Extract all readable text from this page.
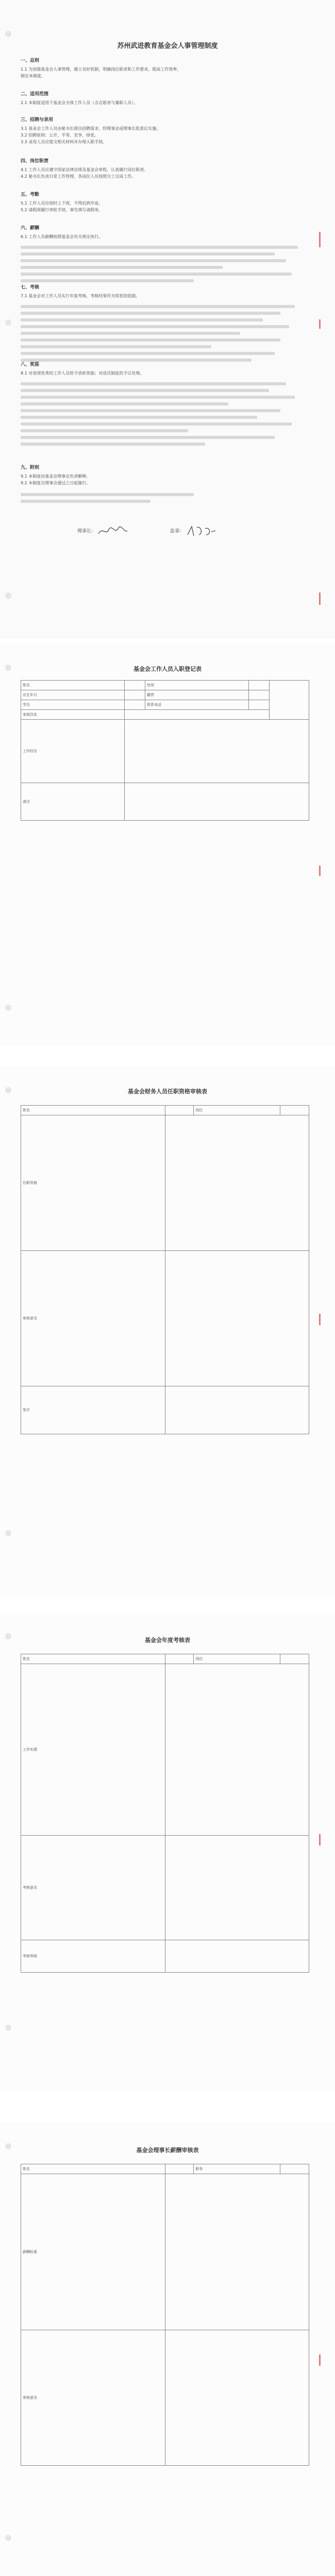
苏州武进教育基金会人事管理制度
一、总则
1.1 为加强基金会人事管理，建立良好机制，明确岗位职责和工作要求，提高工作效率，
制定本制度。
二、适用范围
2.1 本制度适用于基金会全体工作人员（含志愿者与兼职人员）。
三、招聘与录用
3.1 基金会工作人员由秘书长提出招聘需求，经理事会或理事长批准后实施。
3.2 招聘原则：公开、平等、竞争、择优。
3.3 录用人员应提交相关材料并办理入职手续。
四、岗位职责
4.1 工作人员应遵守国家法律法规及基金会章程，认真履行岗位职责。
4.2 秘书长负责日常工作管理，各岗位人员按照分工完成工作。
五、考勤
5.1 工作人员应按时上下班，不得迟到早退。
5.2 请假须履行审批手续，事先填写请假单。
六、薪酬
6.1 工作人员薪酬按照基金会有关规定执行。
七、考核
7.1 基金会对工作人员实行年度考核，考核结果作为奖惩的依据。
八、奖惩
8.1 对表现优秀的工作人员给予表彰奖励；对违反制度的予以处理。
九、附则
9.1 本制度由基金会理事会负责解释。
9.2 本制度自理事会通过之日起施行。
理事长：	监事：
基金会工作人员入职登记表
姓名		性别		
出生年月		籍贯		
学历		联系电话		
家庭住址				
工作经历				
备注				
基金会财务人员任职资格审核表
姓名		岗位	
任职资格			
审核意见			
签字			
基金会年度考核表
姓名		岗位	
工作实绩			
考核意见			
考核等级			
基金会理事长薪酬审核表
姓名		职务	
薪酬标准			
审核意见			
